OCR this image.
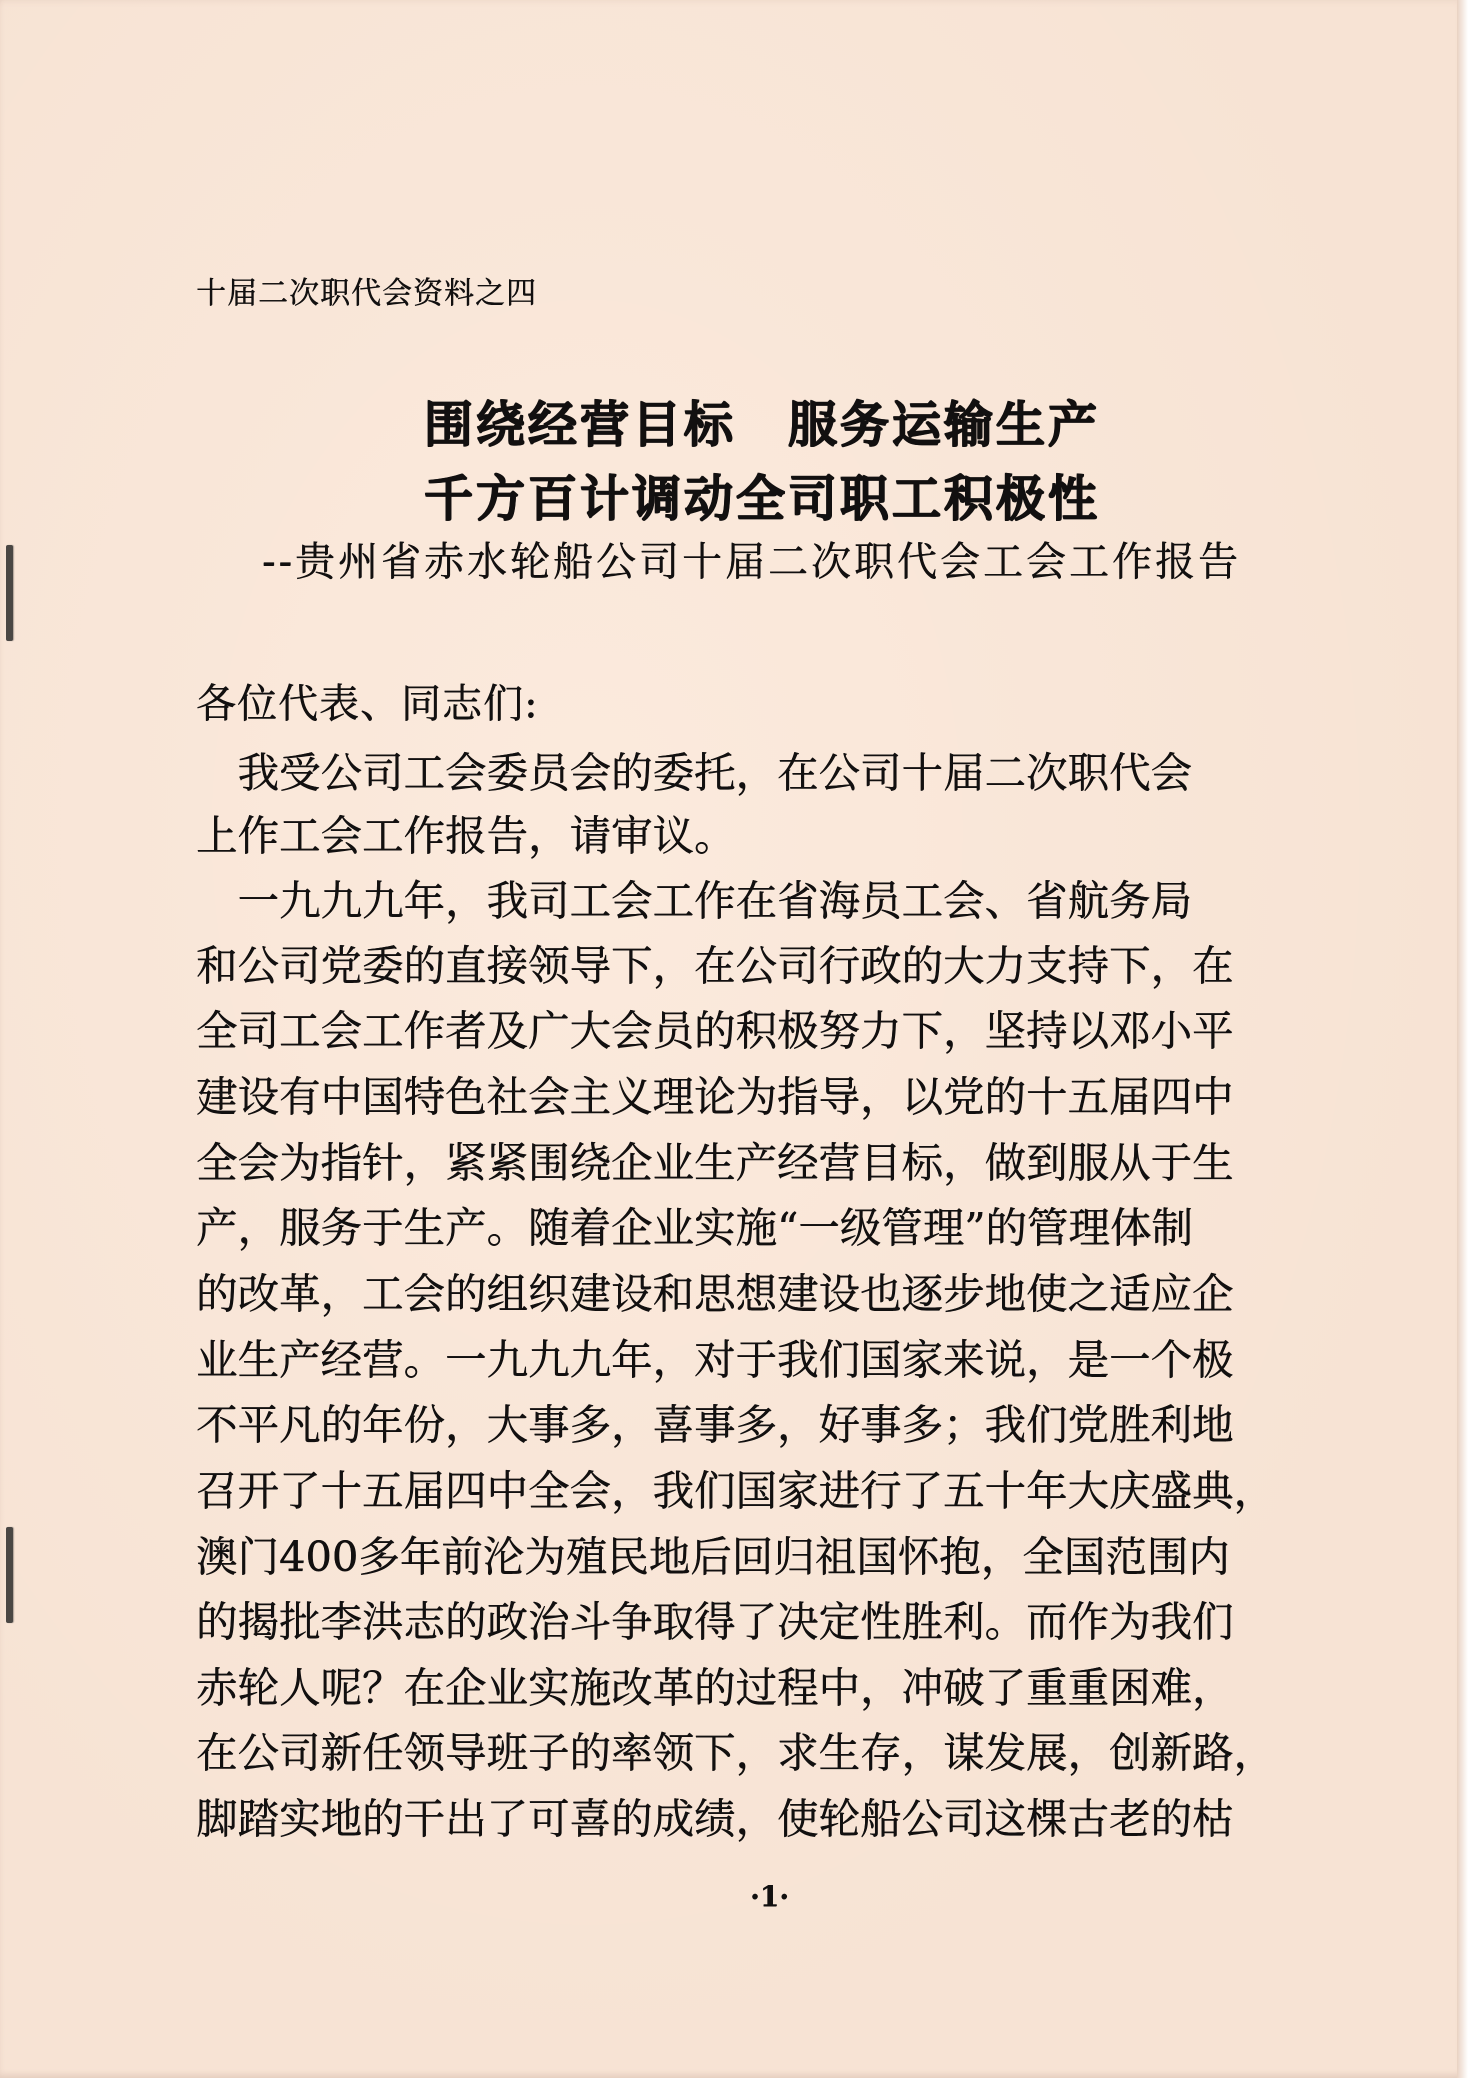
十届二次职代会资料之四
围绕经营目标　服务运输生产
千方百计调动全司职工积极性
--贵州省赤水轮船公司十届二次职代会工会工作报告
各位代表、同志们:
　我受公司工会委员会的委托，在公司十届二次职代会
上作工会工作报告，请审议。
　一九九九年，我司工会工作在省海员工会、省航务局
和公司党委的直接领导下，在公司行政的大力支持下，在
全司工会工作者及广大会员的积极努力下，坚持以邓小平
建设有中国特色社会主义理论为指导，以党的十五届四中
全会为指针，紧紧围绕企业生产经营目标，做到服从于生
产，服务于生产。随着企业实施“一级管理”的管理体制
的改革，工会的组织建设和思想建设也逐步地使之适应企
业生产经营。一九九九年，对于我们国家来说，是一个极
不平凡的年份，大事多，喜事多，好事多；我们党胜利地
召开了十五届四中全会，我们国家进行了五十年大庆盛典，
澳门400多年前沦为殖民地后回归祖国怀抱，全国范围内
的揭批李洪志的政治斗争取得了决定性胜利。而作为我们
赤轮人呢？在企业实施改革的过程中，冲破了重重困难，
在公司新任领导班子的率领下，求生存，谋发展，创新路，
脚踏实地的干出了可喜的成绩，使轮船公司这棵古老的枯
·1·
